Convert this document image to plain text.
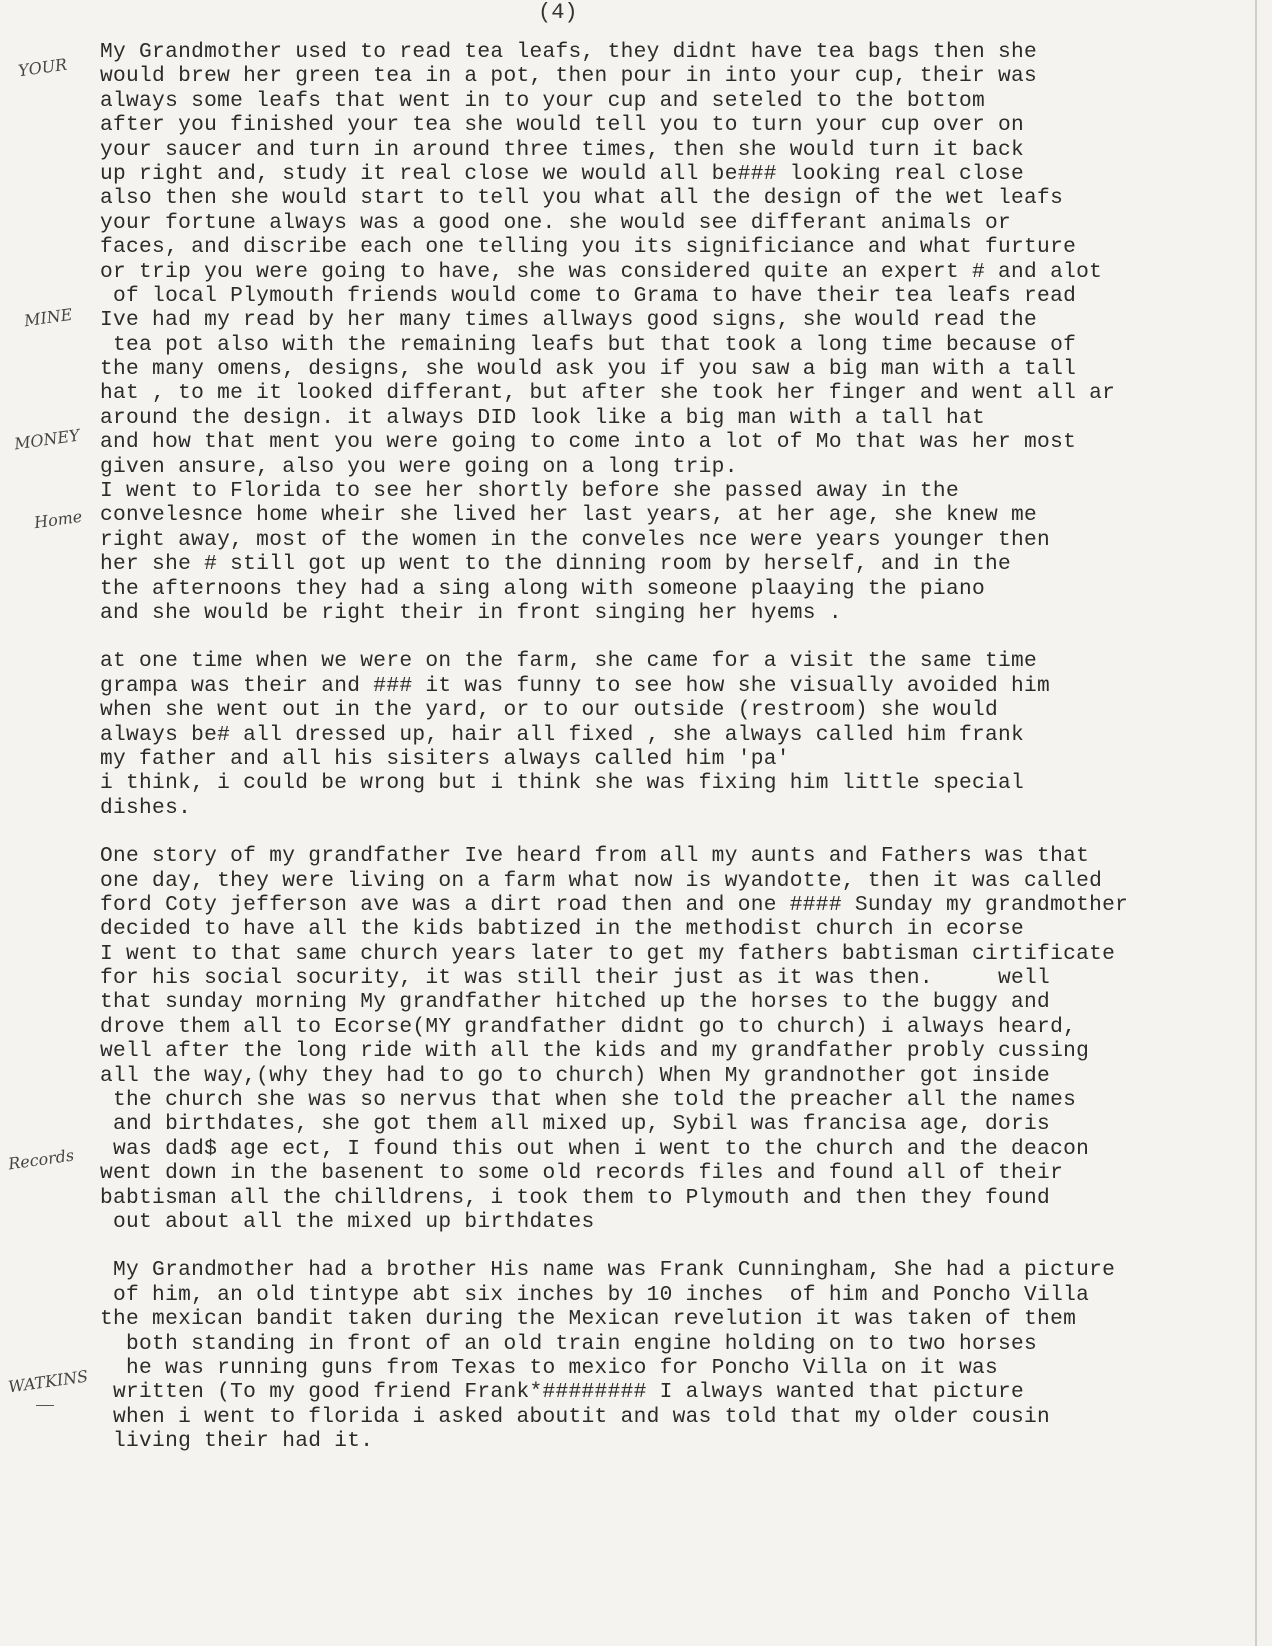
(4)
YOUR
MINE
MONEY
Home
Records
WATKINS
My Grandmother used to read tea leafs, they didnt have tea bags then she
would brew her green tea in a pot, then pour in into your cup, their was
always some leafs that went in to your cup and seteled to the bottom
after you finished your tea she would tell you to turn your cup over on
your saucer and turn in around three times, then she would turn it back
up right and, study it real close we would all be### looking real close
also then she would start to tell you what all the design of the wet leafs
your fortune always was a good one. she would see differant animals or
faces, and discribe each one telling you its significiance and what furture
or trip you were going to have, she was considered quite an expert # and alot
of local Plymouth friends would come to Grama to have their tea leafs read
Ive had my read by her many times allways good signs, she would read the
tea pot also with the remaining leafs but that took a long time because of
the many omens, designs, she would ask you if you saw a big man with a tall
hat , to me it looked differant, but after she took her finger and went all ar
around the design. it always DID look like a big man with a tall hat
and how that ment you were going to come into a lot of Mo that was her most
given ansure, also you were going on a long trip.
I went to Florida to see her shortly before she passed away in the
convelesnce home wheir she lived her last years, at her age, she knew me
right away, most of the women in the conveles nce were years younger then
her she # still got up went to the dinning room by herself, and in the
the afternoons they had a sing along with someone plaaying the piano
and she would be right their in front singing her hyems .
at one time when we were on the farm, she came for a visit the same time
grampa was their and ### it was funny to see how she visually avoided him
when she went out in the yard, or to our outside (restroom) she would
always be# all dressed up, hair all fixed , she always called him frank
my father and all his sisiters always called him 'pa'
i think, i could be wrong but i think she was fixing him little special
dishes.
One story of my grandfather Ive heard from all my aunts and Fathers was that
one day, they were living on a farm what now is wyandotte, then it was called
ford Coty jefferson ave was a dirt road then and one #### Sunday my grandmother
decided to have all the kids babtized in the methodist church in ecorse
I went to that same church years later to get my fathers babtisman cirtificate
for his social socurity, it was still their just as it was then.     well
that sunday morning My grandfather hitched up the horses to the buggy and
drove them all to Ecorse(MY grandfather didnt go to church) i always heard,
well after the long ride with all the kids and my grandfather probly cussing
all the way,(why they had to go to church) When My grandnother got inside
the church she was so nervus that when she told the preacher all the names
and birthdates, she got them all mixed up, Sybil was francisa age, doris
was dad$ age ect, I found this out when i went to the church and the deacon
went down in the basenent to some old records files and found all of their
babtisman all the chilldrens, i took them to Plymouth and then they found
out about all the mixed up birthdates
My Grandmother had a brother His name was Frank Cunningham, She had a picture
of him, an old tintype abt six inches by 10 inches  of him and Poncho Villa
the mexican bandit taken during the Mexican revelution it was taken of them
both standing in front of an old train engine holding on to two horses
he was running guns from Texas to mexico for Poncho Villa on it was
written (To my good friend Frank*######## I always wanted that picture
when i went to florida i asked aboutit and was told that my older cousin
living their had it.
